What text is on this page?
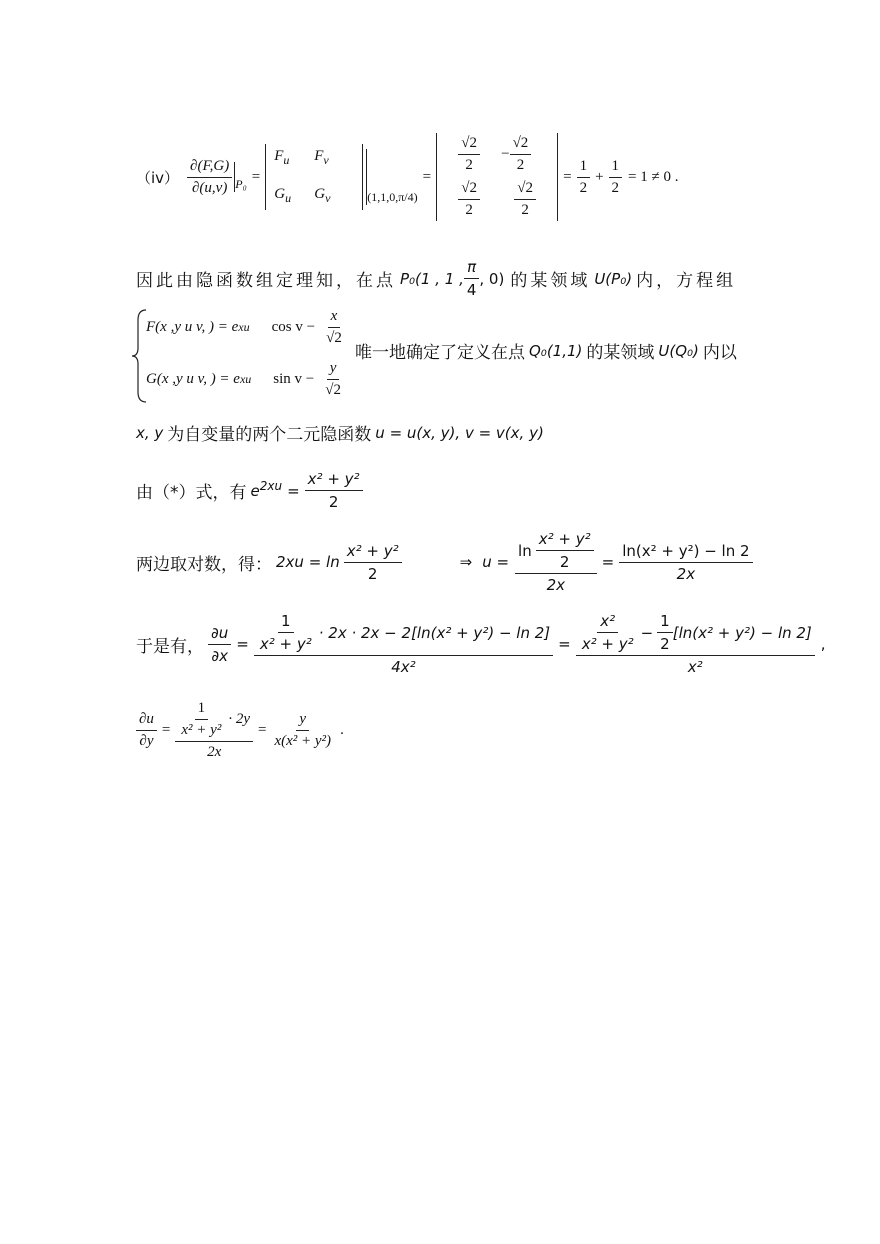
$(iv) \frac{\partial(F,G)}{\partial(u,v)} P_0$ =
$F_u$	$F_v$
$G_u$	$G_v$	(1,1,0,π/4)
=
$\frac{√2}{2} - \frac{√2}{2}$
$\frac{√2}{2} \frac{√2}{2}$
= $\frac{1}{2} + \frac{1}{2} = 1 \ne 0$ .
因此由隐函数组定理知，在点 P₀(1 , 1 , $\frac{\pi}{4}$ , 0) 的某领域 U(P₀) 内，方程组
F(x ,y u v, ) = e xu $\cos v - \frac{x}{√2}$
唯一地确定了定义在点 Q₀(1,1) 的某领域 U(Q₀) 内以
G(x ,y u v, ) = e xu $\sin v - \frac{y}{√2}$
x, y 为自变量的两个二元隐函数 u = u(x, y), v = v(x, y)
由（*）式，有 $e^{2xu} = \frac{\text{x² + y²}}{2}$
两边取对数，得： $2xu = \ln \frac{\text{x² + y²}}{2}$	⇒ $u = \frac{\ln \frac{\text{x² + y²}}{2}}{2x} = \frac{\text{ln(x² + y²) − ln 2}}{2x}$
于是有， $\frac{\partial u}{\partial x} = \frac{\frac{1}{\text{x² + y²}} \cdot 2x \cdot 2x - 2[\ln(x^2 + y^2) - \ln 2]}{\text{4x²}} = \frac{\frac{\text{x²}}{\text{x² + y²}} - \frac{1}{2} [\ln(x^2 + y^2) - \ln 2]}{\text{x²}}$ ,
$\frac{\partial u}{\partial y} = \frac{\frac{1}{\text{x² + y²}} \cdot 2y}{2x} = \frac{y}{\text{x(x² + y²)}}$ .
